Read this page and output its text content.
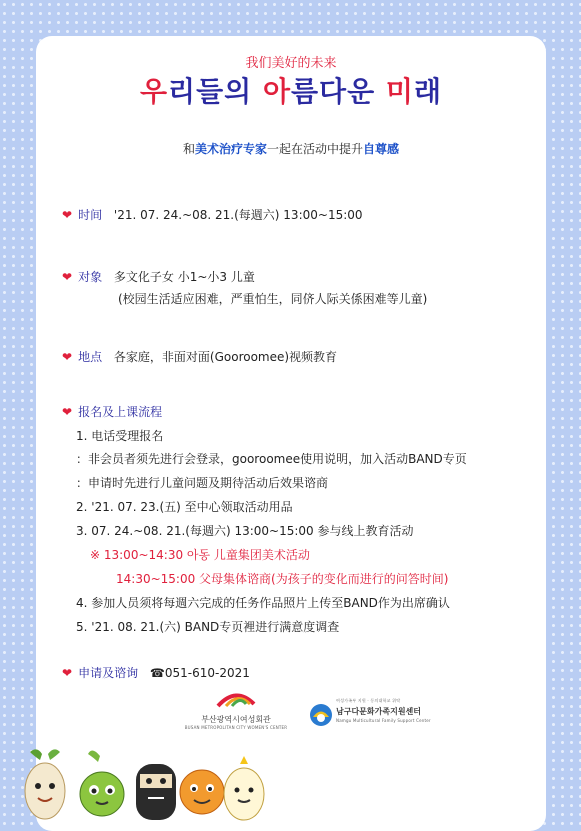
我们美好的未来
우리들의 아름다운 미래
和美术治疗专家一起在活动中提升自尊感
❤ 时间 '21. 07. 24.~08. 21.(每週六) 13:00~15:00
❤ 对象 多文化子女 小1~小3 儿童
(校园生活适应困难，严重怕生，同侪人际关係困难等儿童)
❤ 地点 各家庭，非面对面(Gooroomee)视频教育
❤ 报名及上课流程
1. 电话受理报名
：非会员者须先进行会登录，gooroomee使用说明，加入活动BAND专页
：申请时先进行儿童问题及期待活动后效果谘商
2. '21. 07. 23.(五) 至中心领取活动用品
3. 07. 24.~08. 21.(每週六) 13:00~15:00 参与线上教育活动
※ 13:00~14:30 아동 儿童集团美术活动
14:30~15:00 父母集体谘商(为孩子的变化而进行的问答时间)
4. 参加人员须将每週六完成的任务作品照片上传至BAND作为出席确认
5. '21. 08. 21.(六) BAND专页裡进行满意度调查
❤ 申请及谘询 ☎051-610-2021
부산광역시여성회관
BUSAN METROPOLITAN CITY WOMEN'S CENTER
여성가족부 지원 · 동의대학교 위탁
남구다문화가족지원센터
Namgu Multicultural Family Support Center
